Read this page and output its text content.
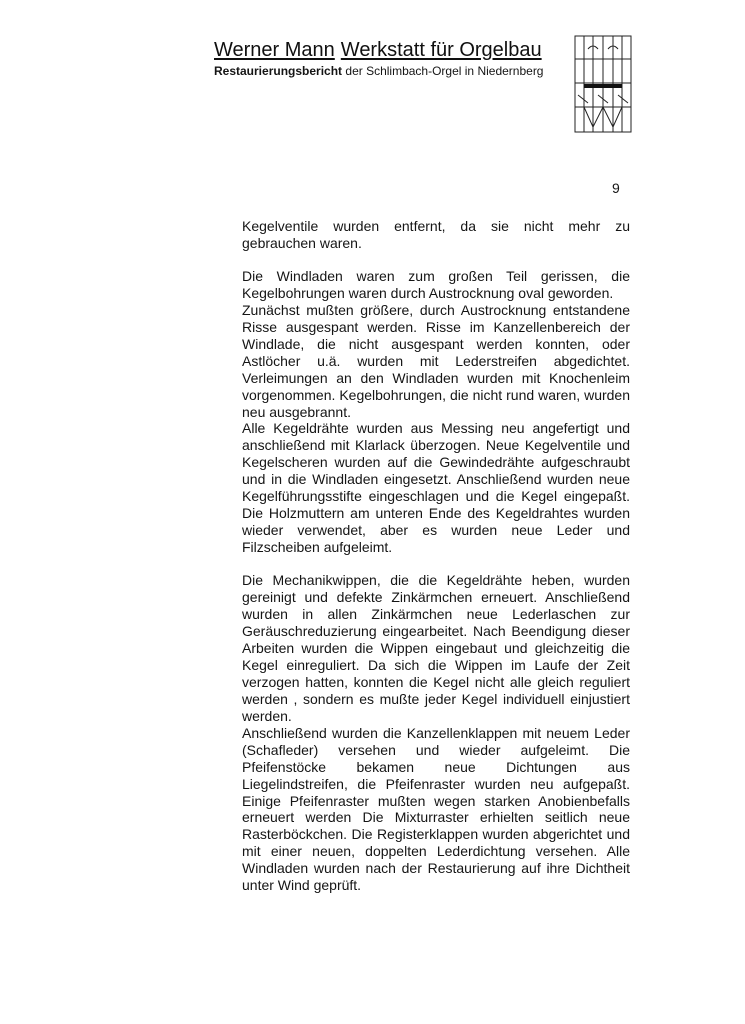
Werner Mann Werkstatt für Orgelbau
Restaurierungsbericht der Schlimbach-Orgel in Niedernberg
9

Kegelventile wurden entfernt, da sie nicht mehr zu gebrauchen waren.

Die Windladen waren zum großen Teil gerissen, die Kegelbohrungen waren durch Austrocknung oval geworden.

Zunächst mußten größere, durch Austrocknung entstandene Risse ausgespant werden. Risse im Kanzellenbereich der Windlade, die nicht ausgespant werden konnten, oder Astlöcher u.ä. wurden mit Lederstreifen abgedichtet. Verleimungen an den Windladen wurden mit Knochenleim vorgenommen. Kegelbohrungen, die nicht rund waren, wurden neu ausgebrannt.

Alle Kegeldrähte wurden aus Messing neu angefertigt und anschließend mit Klarlack überzogen. Neue Kegelventile und Kegelscheren wurden auf die Gewindedrähte aufgeschraubt und in die Windladen eingesetzt. Anschließend wurden neue Kegelführungsstifte eingeschlagen und die Kegel eingepaßt. Die Holzmuttern am unteren Ende des Kegeldrahtes wurden wieder verwendet, aber es wurden neue Leder und Filzscheiben aufgeleimt.

Die Mechanikwippen, die die Kegeldrähte heben, wurden gereinigt und defekte Zinkärmchen erneuert. Anschließend wurden in allen Zinkärmchen neue Lederlaschen zur Geräuschreduzierung eingearbeitet. Nach Beendigung dieser Arbeiten wurden die Wippen eingebaut und gleichzeitig die Kegel einreguliert. Da sich die Wippen im Laufe der Zeit verzogen hatten, konnten die Kegel nicht alle gleich reguliert werden , sondern es mußte jeder Kegel individuell einjustiert werden.

Anschließend wurden die Kanzellenklappen mit neuem Leder (Schafleder) versehen und wieder aufgeleimt. Die Pfeifenstöcke bekamen neue Dichtungen aus Liegelindstreifen, die Pfeifenraster wurden neu aufgepaßt. Einige Pfeifenraster mußten wegen starken Anobienbefalls erneuert werden Die Mixturraster erhielten seitlich neue Rasterböckchen. Die Registerklappen wurden abgerichtet und mit einer neuen, doppelten Lederdichtung versehen. Alle Windladen wurden nach der Restaurierung auf ihre Dichtheit unter Wind geprüft.
